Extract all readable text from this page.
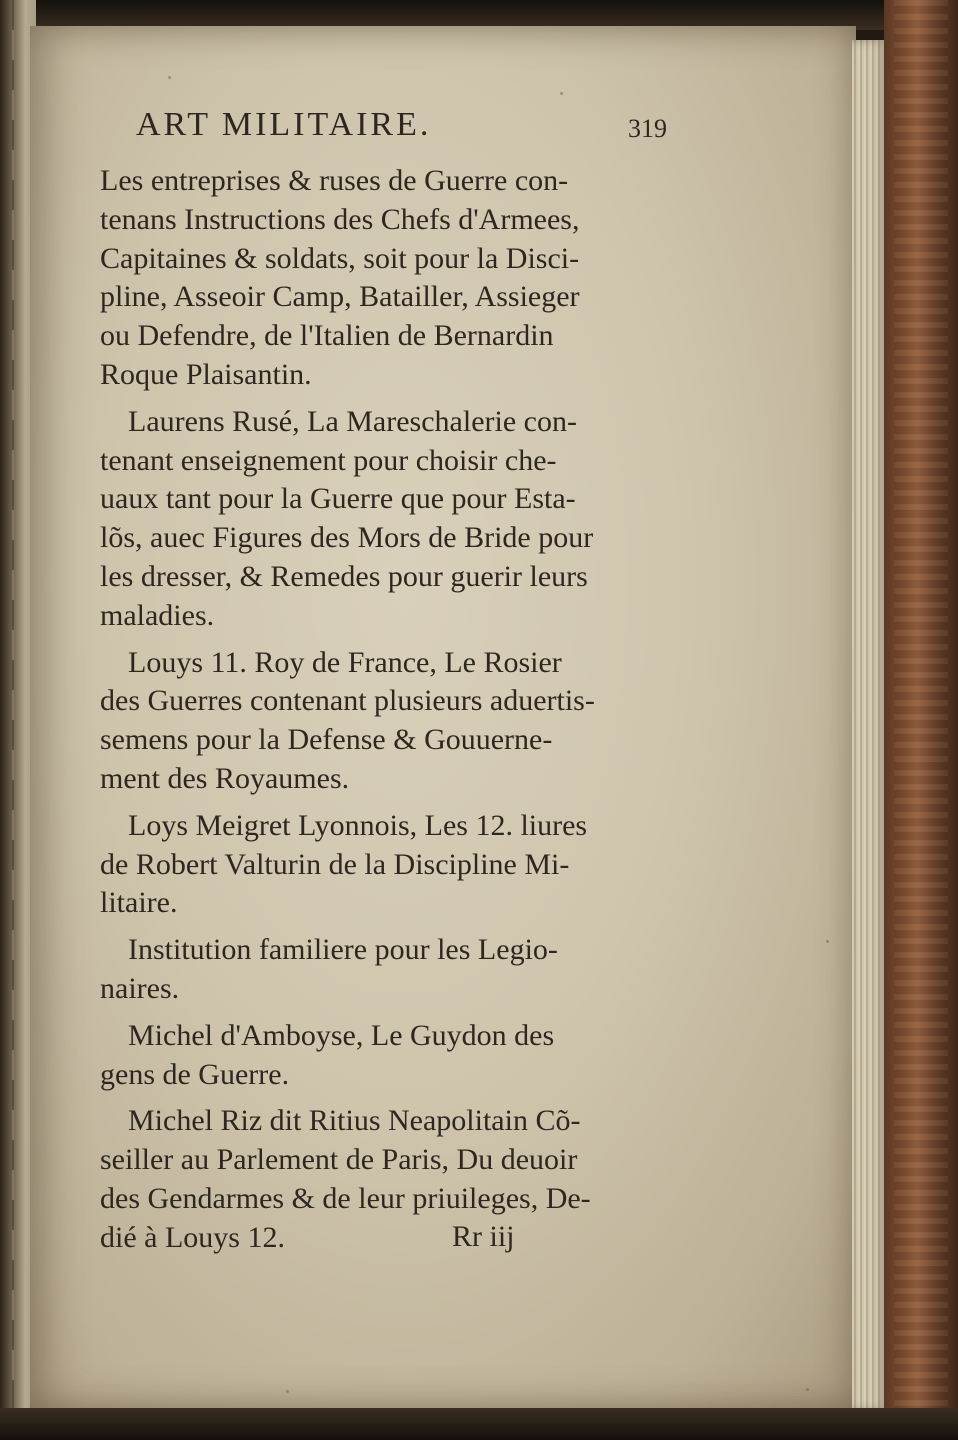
ART MILITAIRE.	319
Les entreprises & ruses de Guerre con-
tenans Instructions des Chefs d'Armees,
Capitaines & soldats, soit pour la Disci-
pline, Asseoir Camp, Batailler, Assieger
ou Defendre, de l'Italien de Bernardin
Roque Plaisantin.
Laurens Rusé, La Mareschalerie con-
tenant enseignement pour choisir che-
uaux tant pour la Guerre que pour Esta-
lõs, auec Figures des Mors de Bride pour
les dresser, & Remedes pour guerir leurs
maladies.
Louys 11. Roy de France, Le Rosier
des Guerres contenant plusieurs aduertis-
semens pour la Defense & Gouuerne-
ment des Royaumes.
Loys Meigret Lyonnois, Les 12. liures
de Robert Valturin de la Discipline Mi-
litaire.
Institution familiere pour les Legio-
naires.
Michel d'Amboyse, Le Guydon des
gens de Guerre.
Michel Riz dit Ritius Neapolitain Cõ-
seiller au Parlement de Paris, Du deuoir
des Gendarmes & de leur priuileges, De-
dié à Louys 12.	Rr iij
